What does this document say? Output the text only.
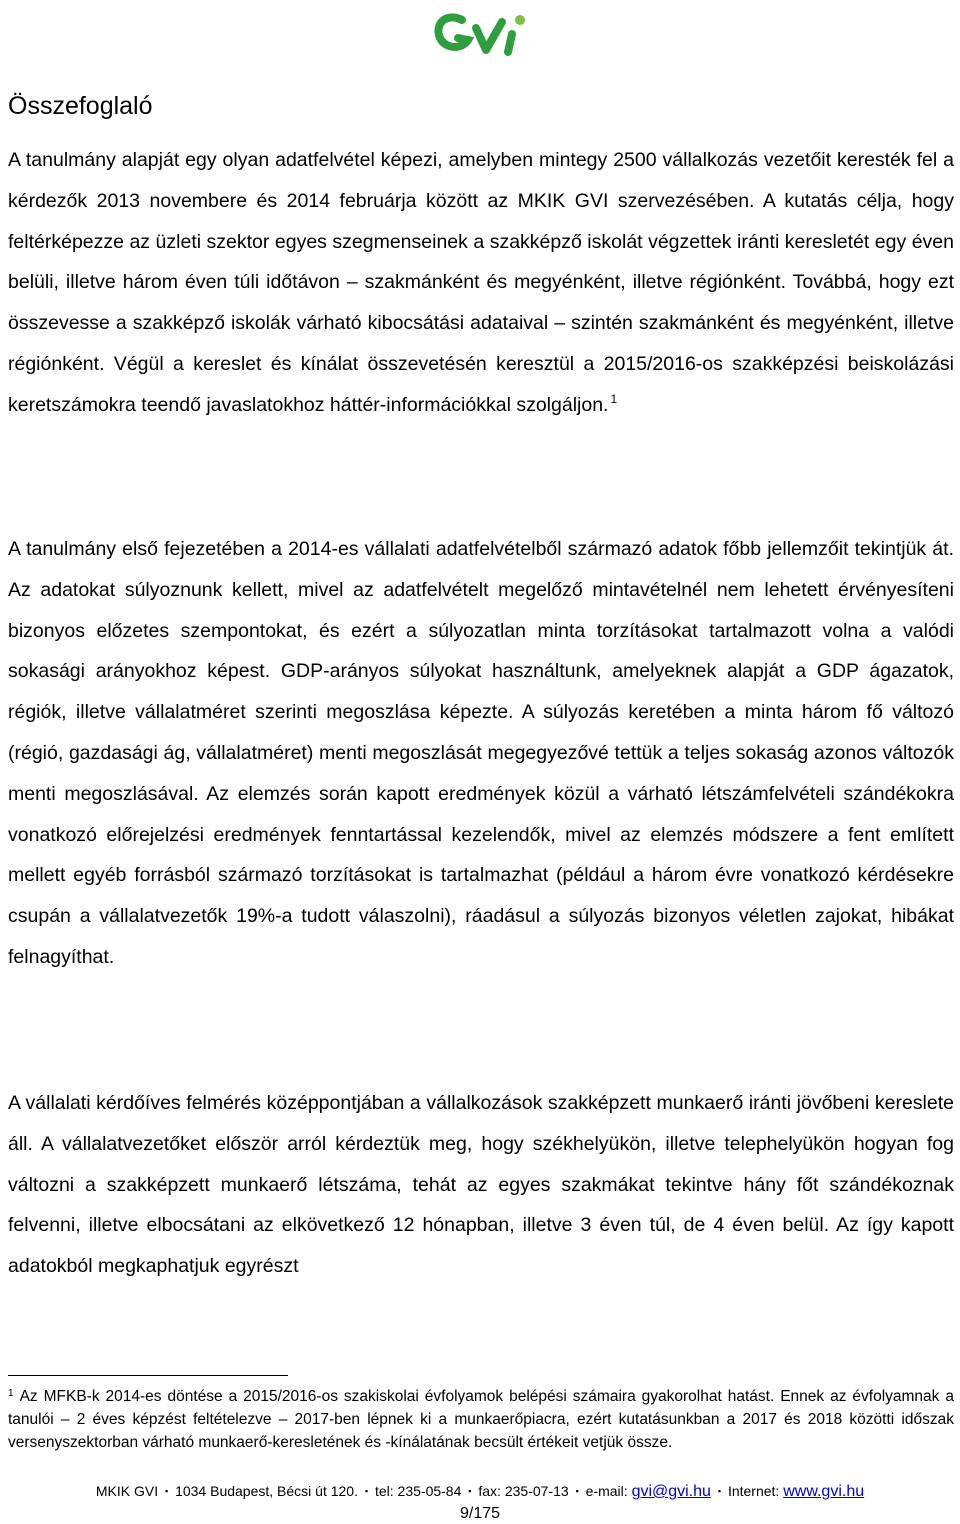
Összefoglaló

A tanulmány alapját egy olyan adatfelvétel képezi, amelyben mintegy 2500 vállalkozás vezetőit keresték fel a kérdezők 2013 novembere és 2014 februárja között az MKIK GVI szervezésében. A kutatás célja, hogy feltérképezze az üzleti szektor egyes szegmenseinek a szakképző iskolát végzettek iránti keresletét egy éven belüli, illetve három éven túli időtávon – szakmánként és megyénként, illetve régiónként. Továbbá, hogy ezt összevesse a szakképző iskolák várható kibocsátási adataival – szintén szakmánként és megyénként, illetve régiónként. Végül a kereslet és kínálat összevetésén keresztül a 2015/2016-os szakképzési beiskolázási keretszámokra teendő javaslatokhoz háttér-információkkal szolgáljon. $^1$

A tanulmány első fejezetében a 2014-es vállalati adatfelvételből származó adatok főbb jellemzőit tekintjük át. Az adatokat súlyoznunk kellett, mivel az adatfelvételt megelőző mintavételnél nem lehetett érvényesíteni bizonyos előzetes szempontokat, és ezért a súlyozatlan minta torzításokat tartalmazott volna a valódi sokasági arányokhoz képest. GDP-arányos súlyokat használtunk, amelyeknek alapját a GDP ágazatok, régiók, illetve vállalatméret szerinti megoszlása képezte. A súlyozás keretében a minta három fő változó (régió, gazdasági ág, vállalatméret) menti megoszlását megegyezővé tettük a teljes sokaság azonos változók menti megoszlásával. Az elemzés során kapott eredmények közül a várható létszámfelvételi szándékokra vonatkozó előrejelzési eredmények fenntartással kezelendők, mivel az elemzés módszere a fent említett mellett egyéb forrásból származó torzításokat is tartalmazhat (például a három évre vonatkozó kérdésekre csupán a vállalatvezetők 19%-a tudott válaszolni), ráadásul a súlyozás bizonyos véletlen zajokat, hibákat felnagyíthat.

A vállalati kérdőíves felmérés középpontjában a vállalkozások szakképzett munkaerő iránti jövőbeni kereslete áll. A vállalatvezetőket először arról kérdeztük meg, hogy székhelyükön, illetve telephelyükön hogyan fog változni a szakképzett munkaerő létszáma, tehát az egyes szakmákat tekintve hány főt szándékoznak felvenni, illetve elbocsátani az elkövetkező 12 hónapban, illetve 3 éven túl, de 4 éven belül. Az így kapott adatokból megkaphatjuk egyrészt

$^1$ Az MFKB-k 2014-es döntése a 2015/2016-os szakiskolai évfolyamok belépési számaira gyakorolhat hatást. Ennek az évfolyamnak a tanulói – 2 éves képzést feltételezve – 2017-ben lépnek ki a munkaerőpiacra, ezért kutatásunkban a 2017 és 2018 közötti időszak versenyszektorban várható munkaerő-keresletének és -kínálatának becsült értékeit vetjük össze.

MKIK GVI ▪ 1034 Budapest, Bécsi út 120. ▪ tel: 235-05-84 ▪ fax: 235-07-13 ▪ e-mail: gvi@gvi.hu ▪ Internet: www.gvi.hu
9/175
